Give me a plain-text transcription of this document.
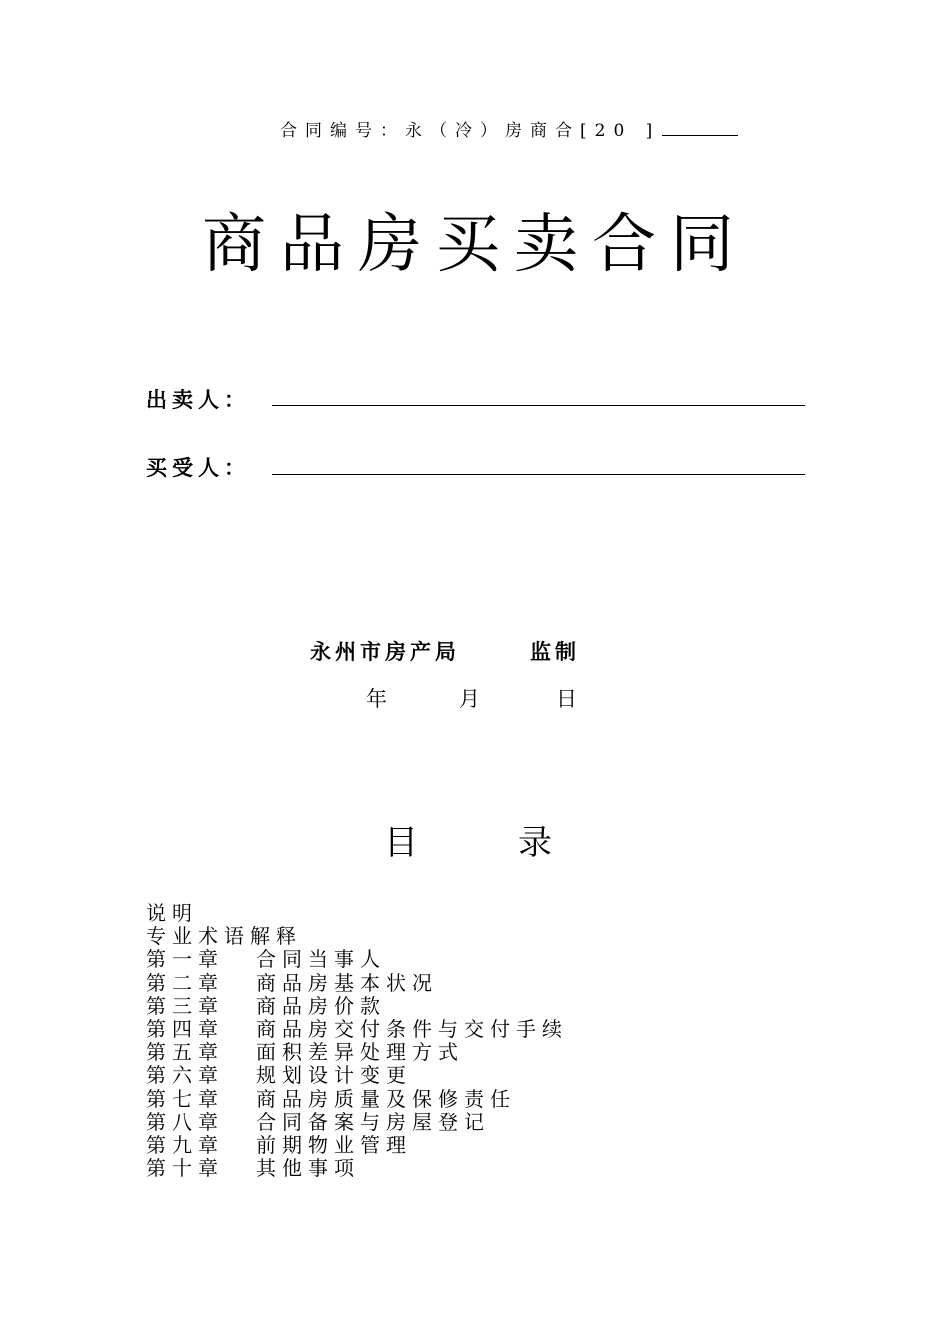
合同编号：永（冷）房商合[20 ]
商品房买卖合同
出卖人：
买受人：
永州市房产局	监制
年	月	日
目	录
说明
专业术语解释
第一章 合同当事人
第二章 商品房基本状况
第三章 商品房价款
第四章 商品房交付条件与交付手续
第五章 面积差异处理方式
第六章 规划设计变更
第七章 商品房质量及保修责任
第八章 合同备案与房屋登记
第九章 前期物业管理
第十章 其他事项
